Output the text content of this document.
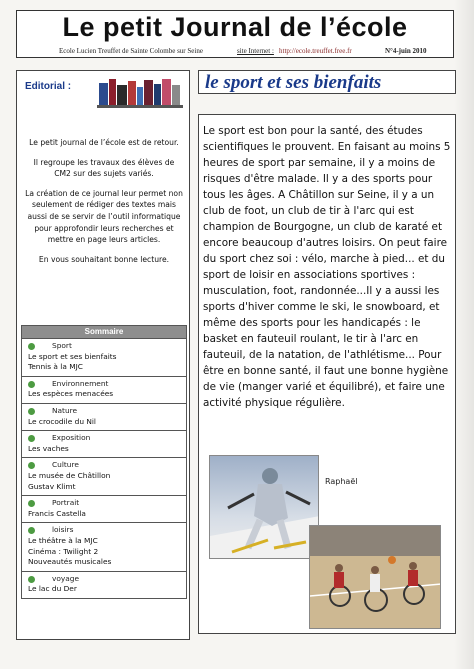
Le petit Journal de l’école
Ecole Lucien Treuffet de Sainte Colombe sur Seine	site Internet : http://ecole.treuffet.free.fr	N°4-juin 2010
Editorial :

Le petit journal de l’école est de retour.

Il regroupe les travaux des élèves de CM2 sur des sujets variés.

La création de ce journal leur permet non seulement de rédiger des textes mais aussi de se servir de l’outil informatique pour approfondir leurs recherches et mettre en page leurs articles.

En vous souhaitant bonne lecture.

Sommaire
Sport
Le sport et ses bienfaits
Tennis à la MJC
Environnement
Les espèces menacées
Nature
Le crocodile du Nil
Exposition
Les vaches
Culture
Le musée de Châtillon
Gustav Klimt
Portrait
Francis Castella
loisirs
Le théâtre à la MJC
Cinéma : Twilight 2
Nouveautés musicales
voyage
Le lac du Der
le sport et ses bienfaits

Le sport est bon pour la santé, des études scientifiques le prouvent. En faisant au moins 5 heures de sport par semaine, il y a moins de risques d'être malade. Il y a des sports pour tous les âges. A Châtillon sur Seine, il y a un club de foot, un club de tir à l'arc qui est champion de Bourgogne, un club de karaté et encore beaucoup d'autres loisirs. On peut faire du sport chez soi : vélo, marche à pied... et du sport de loisir en associations sportives : musculation, foot, randonnée...Il y a aussi les sports d'hiver comme le ski, le snowboard, et même des sports pour les handicapés : le basket en fauteuil roulant, le tir à l'arc en fauteuil, de la natation, de l'athlétisme... Pour être en bonne santé, il faut une bonne hygiène de vie (manger varié et équilibré), et faire une activité physique régulière.

Raphaël
